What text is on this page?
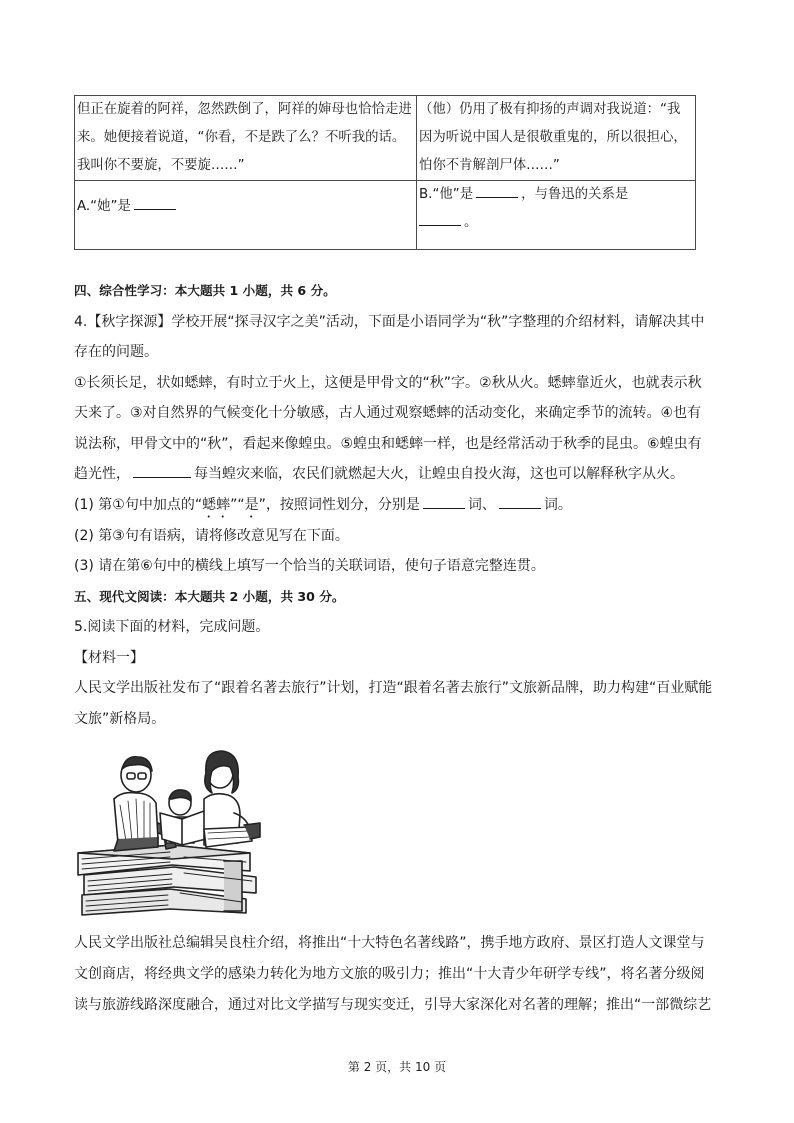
但正在旋着的阿祥，忽然跌倒了，阿祥的婶母也恰恰走进来。她便接着说道，“你看，不是跌了么？不听我的话。我叫你不要旋，不要旋……”	（他）仍用了极有抑扬的声调对我说道：“我因为听说中国人是很敬重鬼的，所以很担心，怕你不肯解剖尸体……”
A.“她”是	B.“他”是 ，与鲁迅的关系是
。

四、综合性学习：本大题共 1 小题，共 6 分。

4.【秋字探源】学校开展“探寻汉字之美”活动，下面是小语同学为“秋”字整理的介绍材料，请解决其中存在的问题。

①长须长足，状如蟋蟀，有时立于火上，这便是甲骨文的“秋”字。②秋从火。蟋蟀靠近火，也就表示秋天来了。③对自然界的气候变化十分敏感，古人通过观察蟋蟀的活动变化，来确定季节的流转。④也有说法称，甲骨文中的“秋”，看起来像蝗虫。⑤蝗虫和蟋蟀一样，也是经常活动于秋季的昆虫。⑥蝗虫有趋光性，	每当蝗灾来临，农民们就燃起大火，让蝗虫自投火海，这也可以解释秋字从火。

(1) 第①句中加点的“蟋蟀”“是”，按照词性划分，分别是	词、	词。

(2) 第③句有语病，请将修改意见写在下面。

(3) 请在第⑥句中的横线上填写一个恰当的关联词语，使句子语意完整连贯。

五、现代文阅读：本大题共 2 小题，共 30 分。

5.阅读下面的材料，完成问题。

【材料一】

人民文学出版社发布了“跟着名著去旅行”计划，打造“跟着名著去旅行”文旅新品牌，助力构建“百业赋能文旅”新格局。

人民文学出版社总编辑吴良柱介绍，将推出“十大特色名著线路”，携手地方政府、景区打造人文课堂与文创商店，将经典文学的感染力转化为地方文旅的吸引力；推出“十大青少年研学专线”，将名著分级阅读与旅游线路深度融合，通过对比文学描写与现实变迁，引导大家深化对名著的理解；推出“一部微综艺

第 2 页，共 10 页
